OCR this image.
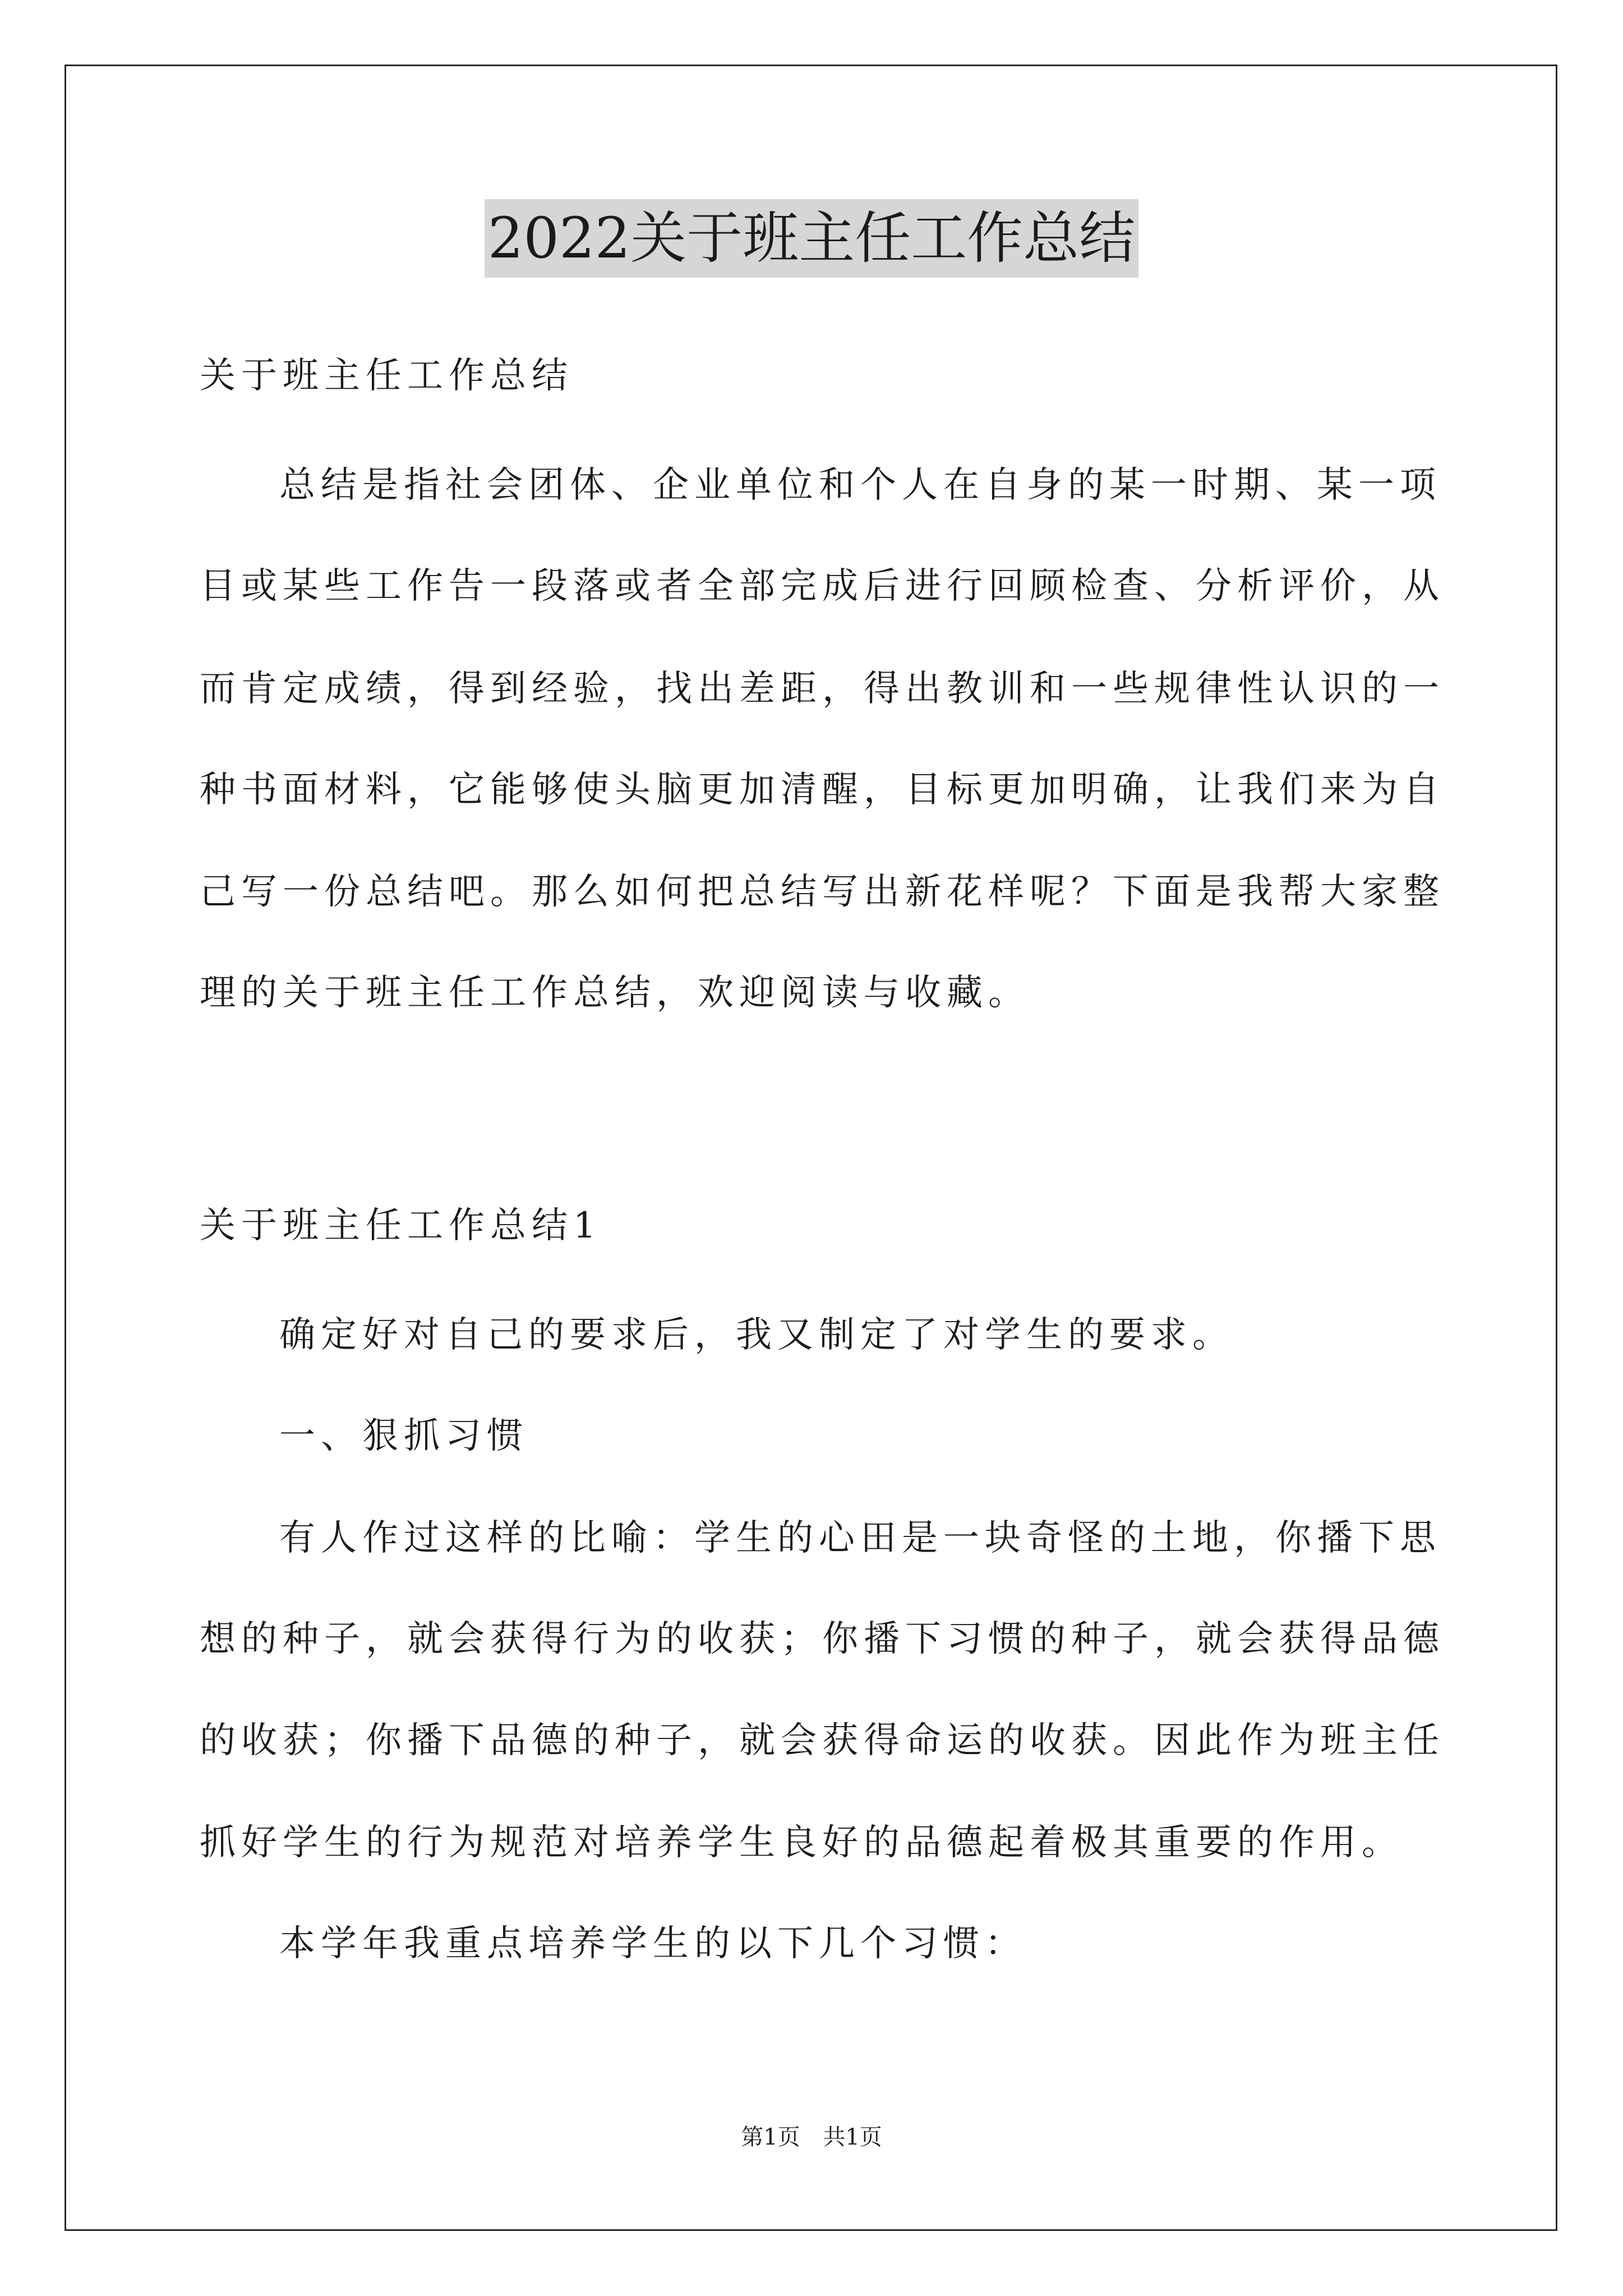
2022关于班主任工作总结
关于班主任工作总结
总结是指社会团体、企业单位和个人在自身的某一时期、某一项
目或某些工作告一段落或者全部完成后进行回顾检查、分析评价，从
而肯定成绩，得到经验，找出差距，得出教训和一些规律性认识的一
种书面材料，它能够使头脑更加清醒，目标更加明确，让我们来为自
己写一份总结吧。那么如何把总结写出新花样呢？下面是我帮大家整
理的关于班主任工作总结，欢迎阅读与收藏。
关于班主任工作总结1
确定好对自己的要求后，我又制定了对学生的要求。
一、狠抓习惯
有人作过这样的比喻：学生的心田是一块奇怪的土地，你播下思
想的种子，就会获得行为的收获；你播下习惯的种子，就会获得品德
的收获；你播下品德的种子，就会获得命运的收获。因此作为班主任
抓好学生的行为规范对培养学生良好的品德起着极其重要的作用。
本学年我重点培养学生的以下几个习惯：
第1页 共1页
